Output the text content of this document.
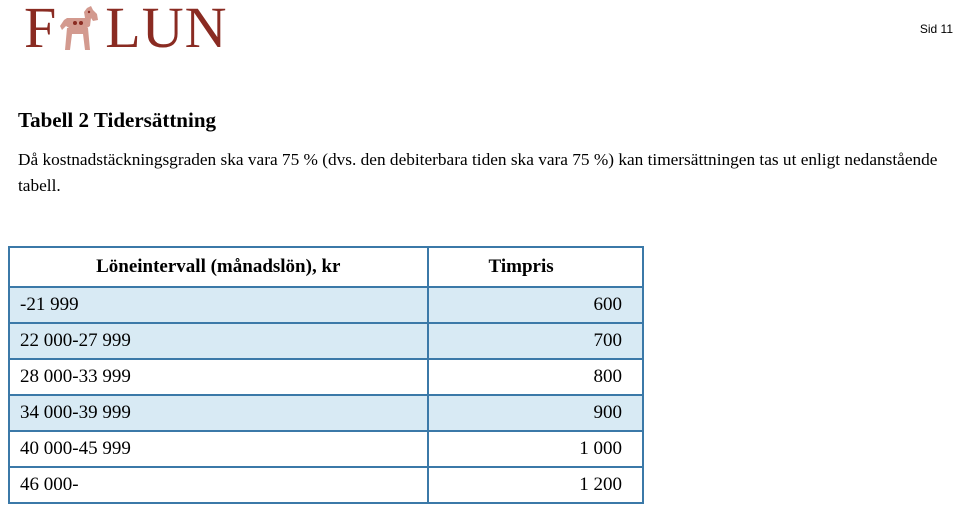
F LUN	Sid 11
Tabell 2 Tidersättning

Då kostnadstäckningsgraden ska vara 75 % (dvs. den debiterbara tiden ska vara 75 %) kan timersättningen tas ut enligt nedanstående tabell.

Löneintervall (månadslön), kr	Timpris
-21 999	600
22 000-27 999	700
28 000-33 999	800
34 000-39 999	900
40 000-45 999	1 000
46 000-	1 200
